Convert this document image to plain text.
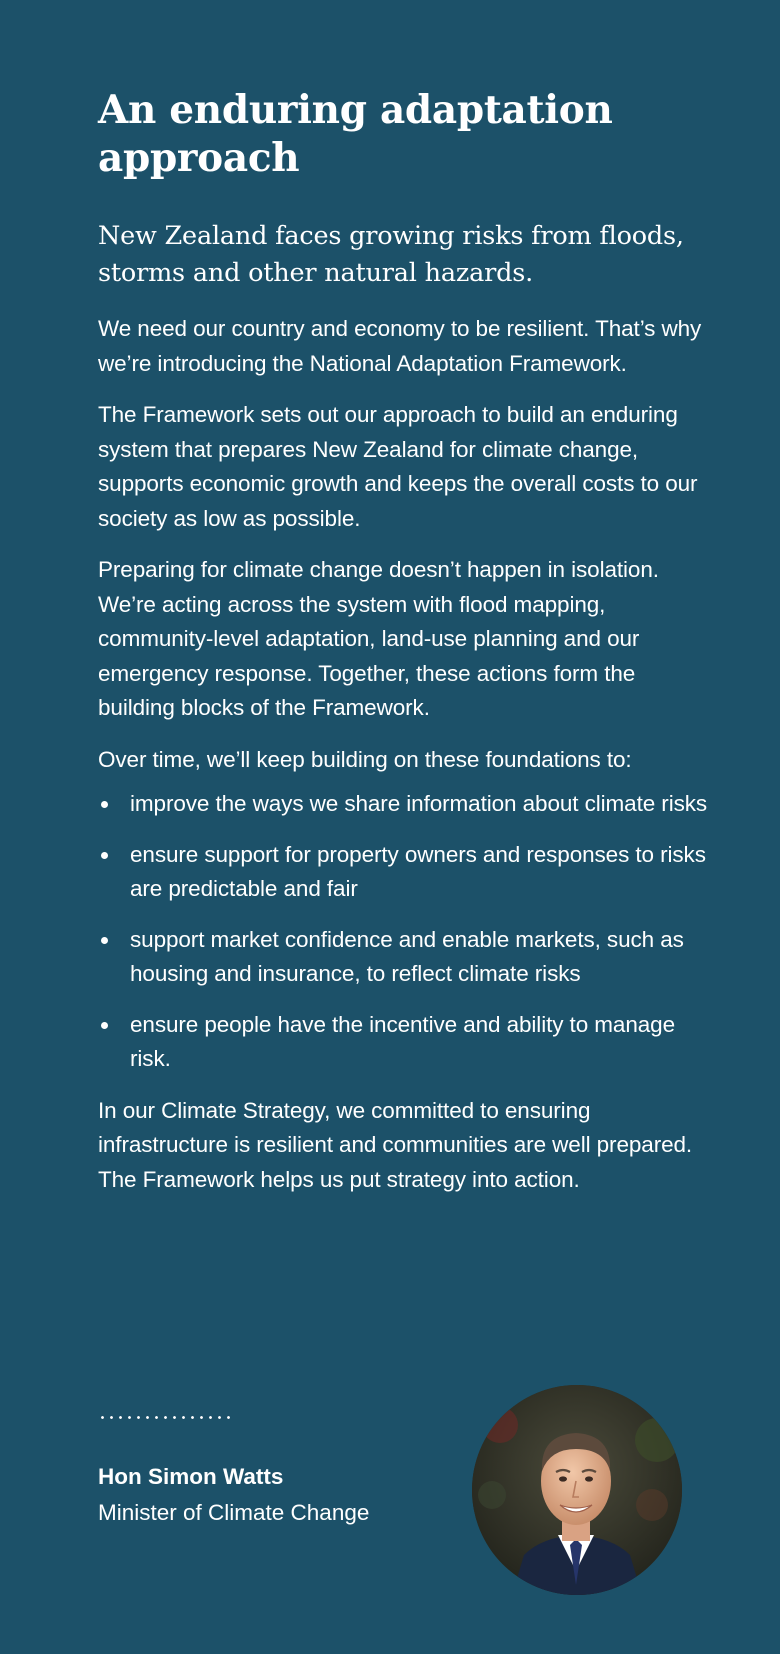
An enduring adaptation approach

New Zealand faces growing risks from floods, storms and other natural hazards.

We need our country and economy to be resilient. That’s why we’re introducing the National Adaptation Framework.

The Framework sets out our approach to build an enduring system that prepares New Zealand for climate change, supports economic growth and keeps the overall costs to our society as low as possible.

Preparing for climate change doesn’t happen in isolation. We’re acting across the system with flood mapping, community-level adaptation, land-use planning and our emergency response. Together, these actions form the building blocks of the Framework.

Over time, we’ll keep building on these foundations to:

improve the ways we share information about climate risks
ensure support for property owners and responses to risks are predictable and fair
support market confidence and enable markets, such as housing and insurance, to reflect climate risks
ensure people have the incentive and ability to manage risk.

In our Climate Strategy, we committed to ensuring infrastructure is resilient and communities are well prepared. The Framework helps us put strategy into action.

Hon Simon Watts
Minister of Climate Change
